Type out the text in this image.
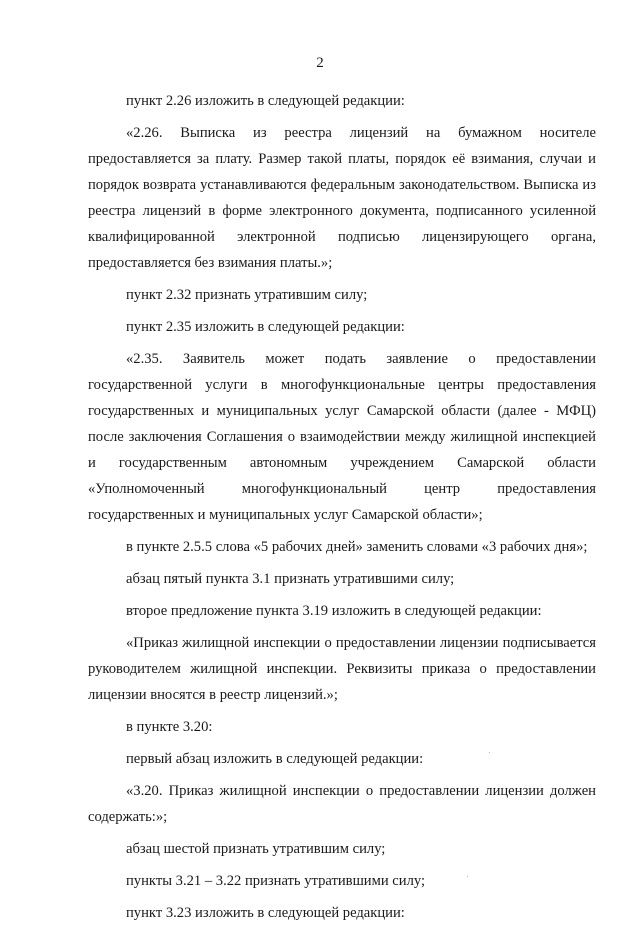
2

пункт 2.26 изложить в следующей редакции:

«2.26. Выписка из реестра лицензий на бумажном носителе предоставляется за плату. Размер такой платы, порядок её взимания, случаи и порядок возврата устанавливаются федеральным законодательством. Выписка из реестра лицензий в форме электронного документа, подписанного усиленной квалифицированной электронной подписью лицензирующего органа, предоставляется без взимания платы.»;

пункт 2.32 признать утратившим силу;

пункт 2.35 изложить в следующей редакции:

«2.35. Заявитель может подать заявление о предоставлении государственной услуги в многофункциональные центры предоставления государственных и муниципальных услуг Самарской области (далее - МФЦ) после заключения Соглашения о взаимодействии между жилищной инспекцией и государственным автономным учреждением Самарской области «Уполномоченный многофункциональный центр предоставления государственных и муниципальных услуг Самарской области»;

в пункте 2.5.5 слова «5 рабочих дней» заменить словами «3 рабочих дня»;

абзац пятый пункта 3.1 признать утратившими силу;

второе предложение пункта 3.19 изложить в следующей редакции:

«Приказ жилищной инспекции о предоставлении лицензии подписывается руководителем жилищной инспекции. Реквизиты приказа о предоставлении лицензии вносятся в реестр лицензий.»;

в пункте 3.20:

первый абзац изложить в следующей редакции:

«3.20. Приказ жилищной инспекции о предоставлении лицензии должен содержать:»;

абзац шестой признать утратившим силу;

пункты 3.21 – 3.22 признать утратившими силу;

пункт 3.23 изложить в следующей редакции:
